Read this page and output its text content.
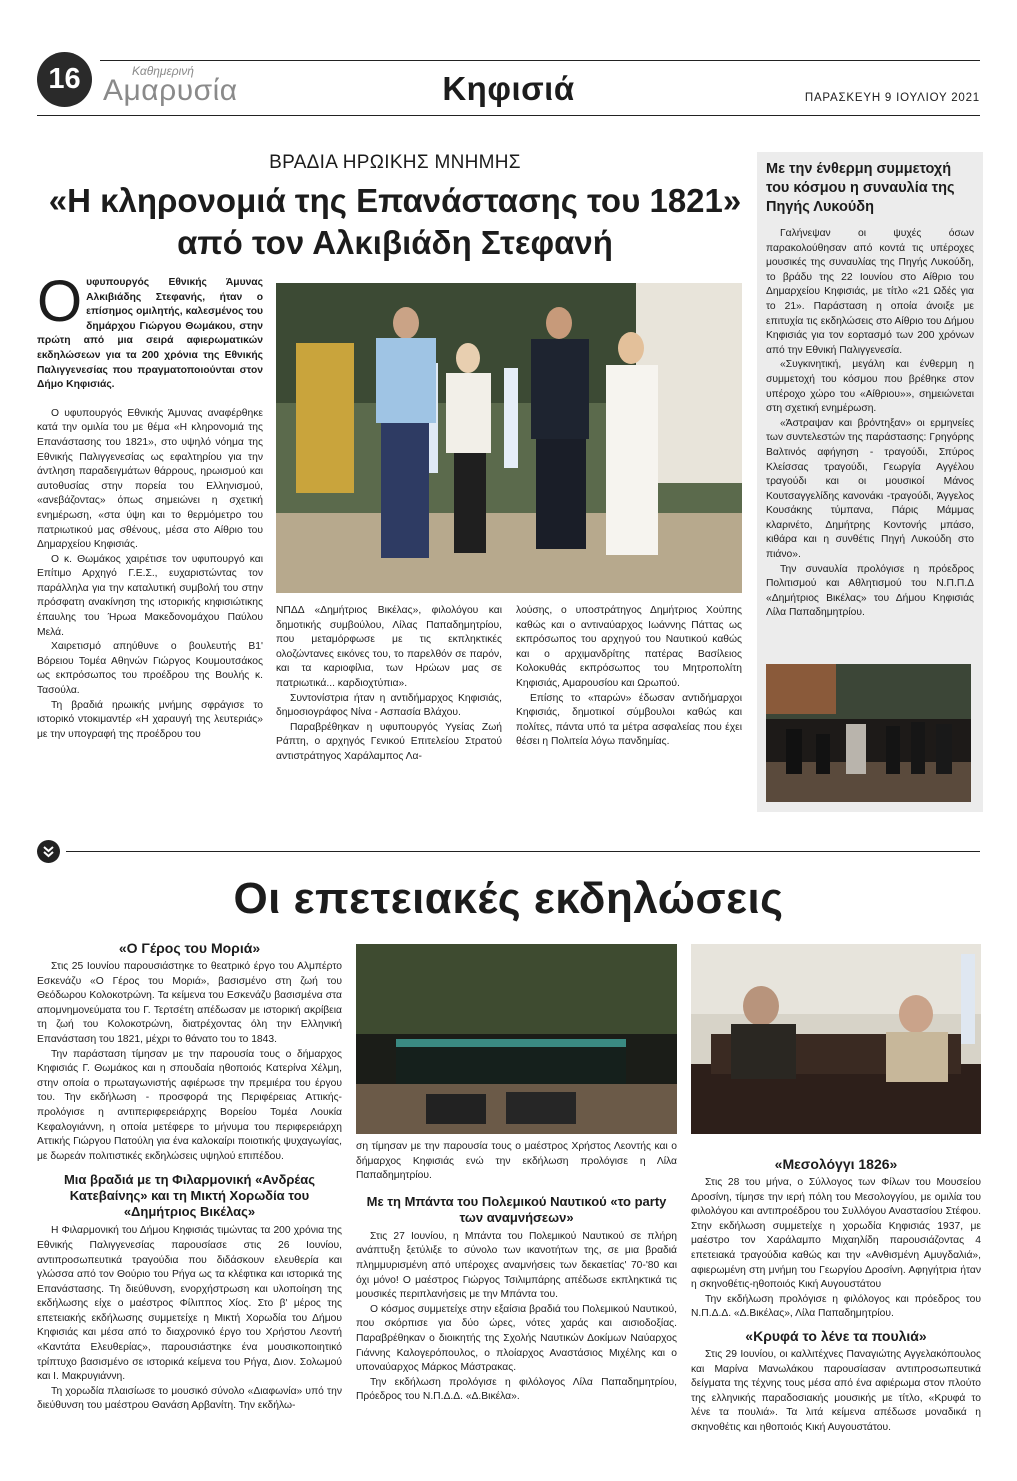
16	Καθημερινή
Αμαρυσία	Κηφισιά	ΠΑΡΑΣΚΕΥΗ 9 ΙΟΥΛΙΟΥ 2021
ΒΡΑΔΙΑ ΗΡΩΙΚΗΣ ΜΝΗΜΗΣ
«Η κληρονομιά της Επανάστασης του 1821»
από τον Αλκιβιάδη Στεφανή
Ο υφυπουργός Εθνικής Άμυνας Αλκιβιάδης Στεφανής, ήταν ο επίσημος ομιλητής, καλεσμένος του δημάρχου Γιώργου Θωμάκου, στην πρώτη από μια σειρά αφιερωματικών εκδηλώσεων για τα 200 χρόνια της Εθνικής Παλιγγενεσίας που πραγματοποιούνται στον Δήμο Κηφισιάς.

Ο υφυπουργός Εθνικής Άμυνας αναφέρθηκε κατά την ομιλία του με θέμα «Η κληρονομιά της Επανάστασης του 1821», στο υψηλό νόημα της Εθνικής Παλιγγενεσίας ως εφαλτηρίου για την άντληση παραδειγμάτων θάρρους, ηρωισμού και αυτοθυσίας στην πορεία του Ελληνισμού, «ανεβάζοντας» όπως σημειώνει η σχετική ενημέρωση, «στα ύψη και το θερμόμετρο του πατριωτικού μας σθένους, μέσα στο Αίθριο του Δημαρχείου Κηφισιάς.

Ο κ. Θωμάκος χαιρέτισε τον υφυπουργό και Επίτιμο Αρχηγό Γ.Ε.Σ., ευχαριστώντας τον παράλληλα για την καταλυτική συμβολή του στην πρόσφατη ανακίνηση της ιστορικής κηφισιώτικης έπαυλης του Ήρωα Μακεδονομάχου Παύλου Μελά.

Χαιρετισμό απηύθυνε ο βουλευτής Β1' Βόρειου Τομέα Αθηνών Γιώργος Κουμουτσάκος ως εκπρόσωπος του προέδρου της Βουλής κ. Τασούλα.

Τη βραδιά ηρωικής μνήμης σφράγισε το ιστορικό ντοκιμαντέρ «Η χαραυγή της λευτεριάς» με την υπογραφή της προέδρου του

ΝΠΔΔ «Δημήτριος Βικέλας», φιλολόγου και δημοτικής συμβούλου, Λίλας Παπαδημητρίου, που μεταμόρφωσε με τις εκπληκτικές ολοζώντανες εικόνες του, το παρελθόν σε παρόν, και τα καριοφίλια, των Ηρώων μας σε πατριωτικά... καρδιοχτύπια».

Συντονίστρια ήταν η αντιδήμαρχος Κηφισιάς, δημοσιογράφος Νίνα - Ασπασία Βλάχου.

Παραβρέθηκαν η υφυπουργός Υγείας Ζωή Ράπτη, ο αρχηγός Γενικού Επιτελείου Στρατού αντιστράτηγος Χαράλαμπος Λα-

λούσης, ο υποστράτηγος Δημήτριος Χούπης καθώς και ο αντιναύαρχος Ιωάννης Πάττας ως εκπρόσωπος του αρχηγού του Ναυτικού καθώς και ο αρχιμανδρίτης πατέρας Βασίλειος Κολοκυθάς εκπρόσωπος του Μητροπολίτη Κηφισιάς, Αμαρουσίου και Ωρωπού.

Επίσης το «παρών» έδωσαν αντιδήμαρχοι Κηφισιάς, δημοτικοί σύμβουλοι καθώς και πολίτες, πάντα υπό τα μέτρα ασφαλείας που έχει θέσει η Πολιτεία λόγω πανδημίας.

Με την ένθερμη συμμετοχή του κόσμου η συναυλία της Πηγής Λυκούδη

Γαλήνεψαν οι ψυχές όσων παρακολούθησαν από κοντά τις υπέροχες μουσικές της συναυλίας της Πηγής Λυκούδη, το βράδυ της 22 Ιουνίου στο Αίθριο του Δημαρχείου Κηφισιάς, με τίτλο «21 Ωδές για το 21». Παράσταση η οποία άνοιξε με επιτυχία τις εκδηλώσεις στο Αίθριο του Δήμου Κηφισιάς για τον εορτασμό των 200 χρόνων από την Εθνική Παλιγγενεσία.

«Συγκινητική, μεγάλη και ένθερμη η συμμετοχή του κόσμου που βρέθηκε στον υπέροχο χώρο του «Αίθριου»», σημειώνεται στη σχετική ενημέρωση.

«Άστραψαν και βρόντηξαν» οι ερμηνείες των συντελεστών της παράστασης: Γρηγόρης Βαλτινός αφήγηση - τραγούδι, Σπύρος Κλείσσας τραγούδι, Γεωργία Αγγέλου τραγούδι και οι μουσικοί Μάνος Κουτσαγγελίδης κανονάκι -τραγούδι, Άγγελος Κουσάκης τύμπανα, Πάρις Μάμμας κλαρινέτο, Δημήτρης Κοντονής μπάσο, κιθάρα και η συνθέτις Πηγή Λυκούδη στο πιάνο».

Την συναυλία προλόγισε η πρόεδρος Πολιτισμού και Αθλητισμού του Ν.Π.Π.Δ «Δημήτριος Βικέλας» του Δήμου Κηφισιάς Λίλα Παπαδημητρίου.

Οι επετειακές εκδηλώσεις
«Ο Γέρος του Μοριά»

Στις 25 Ιουνίου παρουσιάστηκε το θεατρικό έργο του Αλμπέρτο Εσκενάζυ «Ο Γέρος του Μοριά», βασισμένο στη ζωή του Θεόδωρου Κολοκοτρώνη. Τα κείμενα του Εσκενάζυ βασισμένα στα απομνημονεύματα του Γ. Τερτσέτη απέδωσαν με ιστορική ακρίβεια τη ζωή του Κολοκοτρώνη, διατρέχοντας όλη την Ελληνική Επανάσταση του 1821, μέχρι το θάνατο του το 1843.

Την παράσταση τίμησαν με την παρουσία τους ο δήμαρχος Κηφισιάς Γ. Θωμάκος και η σπουδαία ηθοποιός Κατερίνα Χέλμη, στην οποία ο πρωταγωνιστής αφιέρωσε την πρεμιέρα του έργου του. Την εκδήλωση - προσφορά της Περιφέρειας Αττικής- προλόγισε η αντιπεριφερειάρχης Βορείου Τομέα Λουκία Κεφαλογιάννη, η οποία μετέφερε το μήνυμα του περιφερειάρχη Αττικής Γιώργου Πατούλη για ένα καλοκαίρι ποιοτικής ψυχαγωγίας, με δωρεάν πολιτιστικές εκδηλώσεις υψηλού επιπέδου.

Μια βραδιά με τη Φιλαρμονική «Ανδρέας Κατεβαίνης» και τη Μικτή Χορωδία του «Δημήτριος Βικέλας»

Η Φιλαρμονική του Δήμου Κηφισιάς τιμώντας τα 200 χρόνια της Εθνικής Παλιγγενεσίας παρουσίασε στις 26 Ιουνίου, αντιπροσωπευτικά τραγούδια που διδάσκουν ελευθερία και γλώσσα από τον Θούριο του Ρήγα ως τα κλέφτικα και ιστορικά της Επανάστασης. Τη διεύθυνση, ενορχήστρωση και υλοποίηση της εκδήλωσης είχε ο μαέστρος Φίλιππος Χίος. Στο β' μέρος της επετειακής εκδήλωσης συμμετείχε η Μικτή Χορωδία του Δήμου Κηφισιάς και μέσα από το διαχρονικό έργο του Χρήστου Λεοντή «Καντάτα Ελευθερίας», παρουσιάστηκε ένα μουσικοποιητικό τρίπτυχο βασισμένο σε ιστορικά κείμενα του Ρήγα, Διον. Σολωμού και Ι. Μακρυγιάννη.

Τη χορωδία πλαισίωσε το μουσικό σύνολο «Διαφωνία» υπό την διεύθυνση του μαέστρου Θανάση Αρβανίτη. Την εκδήλω-

ση τίμησαν με την παρουσία τους ο μαέστρος Χρήστος Λεοντής και ο δήμαρχος Κηφισιάς ενώ την εκδήλωση προλόγισε η Λίλα Παπαδημητρίου.

Με τη Μπάντα του Πολεμικού Ναυτικού «το party των αναμνήσεων»

Στις 27 Ιουνίου, η Μπάντα του Πολεμικού Ναυτικού σε πλήρη ανάπτυξη ξετύλιξε το σύνολο των ικανοτήτων της, σε μια βραδιά πλημμυρισμένη από υπέροχες αναμνήσεις των δεκαετίας' 70-'80 και όχι μόνο! Ο μαέστρος Γιώργος Τσιλιμπάρης απέδωσε εκπληκτικά τις μουσικές περιπλανήσεις με την Μπάντα του.

Ο κόσμος συμμετείχε στην εξαίσια βραδιά του Πολεμικού Ναυτικού, που σκόρπισε για δύο ώρες, νότες χαράς και αισιοδοξίας. Παραβρέθηκαν ο διοικητής της Σχολής Ναυτικών Δοκίμων Ναύαρχος Γιάννης Καλογερόπουλος, ο πλοίαρχος Αναστάσιος Μιχέλης και ο υποναύαρχος Μάρκος Μάστρακας.

Την εκδήλωση προλόγισε η φιλόλογος Λίλα Παπαδημητρίου, Πρόεδρος του Ν.Π.Δ.Δ. «Δ.Βικέλα».

«Μεσολόγγι 1826»

Στις 28 του μήνα, ο Σύλλογος των Φίλων του Μουσείου Δροσίνη, τίμησε την ιερή πόλη του Μεσολογγίου, με ομιλία του φιλολόγου και αντιπροέδρου του Συλλόγου Αναστασίου Στέφου. Στην εκδήλωση συμμετείχε η χορωδία Κηφισιάς 1937, με μαέστρο τον Χαράλαμπο Μιχαηλίδη παρουσιάζοντας 4 επετειακά τραγούδια καθώς και την «Ανθισμένη Αμυγδαλιά», αφιερωμένη στη μνήμη του Γεωργίου Δροσίνη. Αφηγήτρια ήταν η σκηνοθέτις-ηθοποιός Κική Αυγουστάτου

Την εκδήλωση προλόγισε η φιλόλογος και πρόεδρος του Ν.Π.Δ.Δ. «Δ.Βικέλας», Λίλα Παπαδημητρίου.

«Κρυφά το λένε τα πουλιά»

Στις 29 Ιουνίου, οι καλλιτέχνες Παναγιώτης Αγγελακόπουλος και Μαρίνα Μανωλάκου παρουσίασαν αντιπροσωπευτικά δείγματα της τέχνης τους μέσα από ένα αφιέρωμα στον πλούτο της ελληνικής παραδοσιακής μουσικής με τίτλο, «Κρυφά το λένε τα πουλιά». Τα λιτά κείμενα απέδωσε μοναδικά η σκηνοθέτις και ηθοποιός Κική Αυγουστάτου.
